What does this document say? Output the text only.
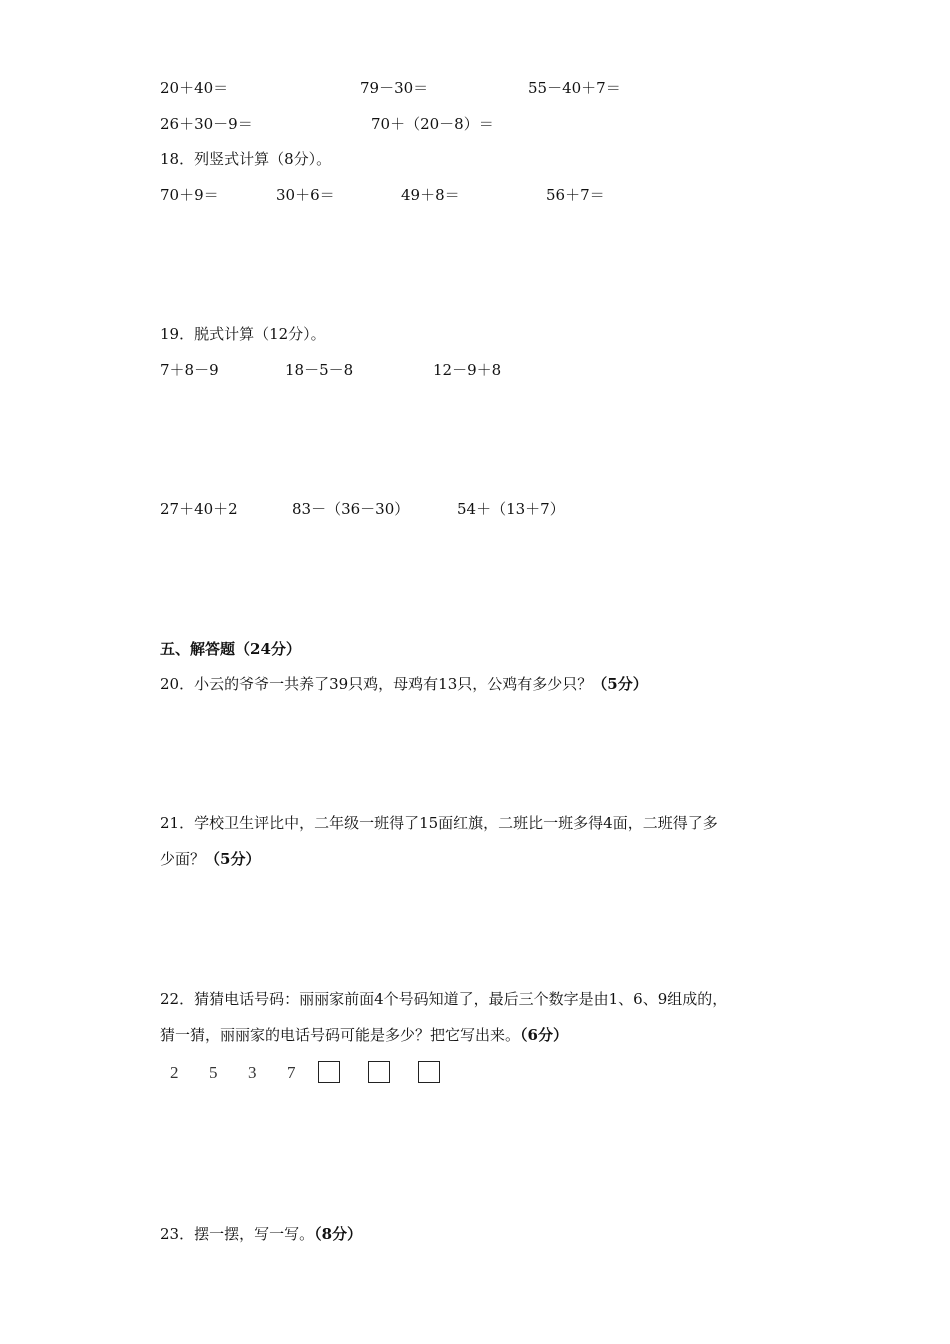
20＋40＝	79－30＝	55－40＋7＝
26＋30－9＝	70＋（20－8）＝
18．列竖式计算（8分）。
70＋9＝	30＋6＝	49＋8＝	56＋7＝
19．脱式计算（12分）。
7＋8－9	18－5－8	12－9＋8
27＋40＋2	83－（36－30）	54＋（13＋7）
五、解答题（24分）
20．小云的爷爷一共养了39只鸡，母鸡有13只，公鸡有多少只？（5分）
21．学校卫生评比中，二年级一班得了15面红旗，二班比一班多得4面，二班得了多
少面？（5分）
22．猜猜电话号码：丽丽家前面4个号码知道了，最后三个数字是由1、6、9组成的，
猜一猜，丽丽家的电话号码可能是多少？把它写出来。（6分）
2 5 3 7
23．摆一摆，写一写。（8分）
